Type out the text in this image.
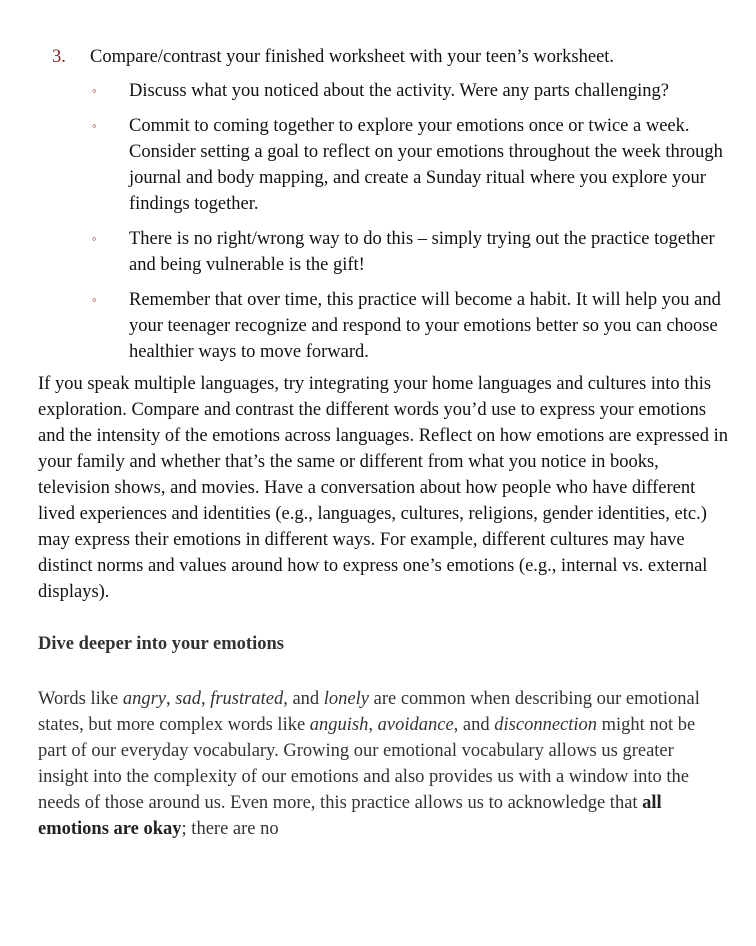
3. Compare/contrast your finished worksheet with your teen’s worksheet.
◦ Discuss what you noticed about the activity. Were any parts challenging?
◦ Commit to coming together to explore your emotions once or twice a week. Consider setting a goal to reflect on your emotions throughout the week through journal and body mapping, and create a Sunday ritual where you explore your findings together.
◦ There is no right/wrong way to do this – simply trying out the practice together and being vulnerable is the gift!
◦ Remember that over time, this practice will become a habit. It will help you and your teenager recognize and respond to your emotions better so you can choose healthier ways to move forward.

If you speak multiple languages, try integrating your home languages and cultures into this exploration. Compare and contrast the different words you’d use to express your emotions and the intensity of the emotions across languages. Reflect on how emotions are expressed in your family and whether that’s the same or different from what you notice in books, television shows, and movies. Have a conversation about how people who have different lived experiences and identities (e.g., languages, cultures, religions, gender identities, etc.) may express their emotions in different ways. For example, different cultures may have distinct norms and values around how to express one’s emotions (e.g., internal vs. external displays).

Dive deeper into your emotions

Words like angry, sad, frustrated, and lonely are common when describing our emotional states, but more complex words like anguish, avoidance, and disconnection might not be part of our everyday vocabulary. Growing our emotional vocabulary allows us greater insight into the complexity of our emotions and also provides us with a window into the needs of those around us. Even more, this practice allows us to acknowledge that all emotions are okay; there are no
